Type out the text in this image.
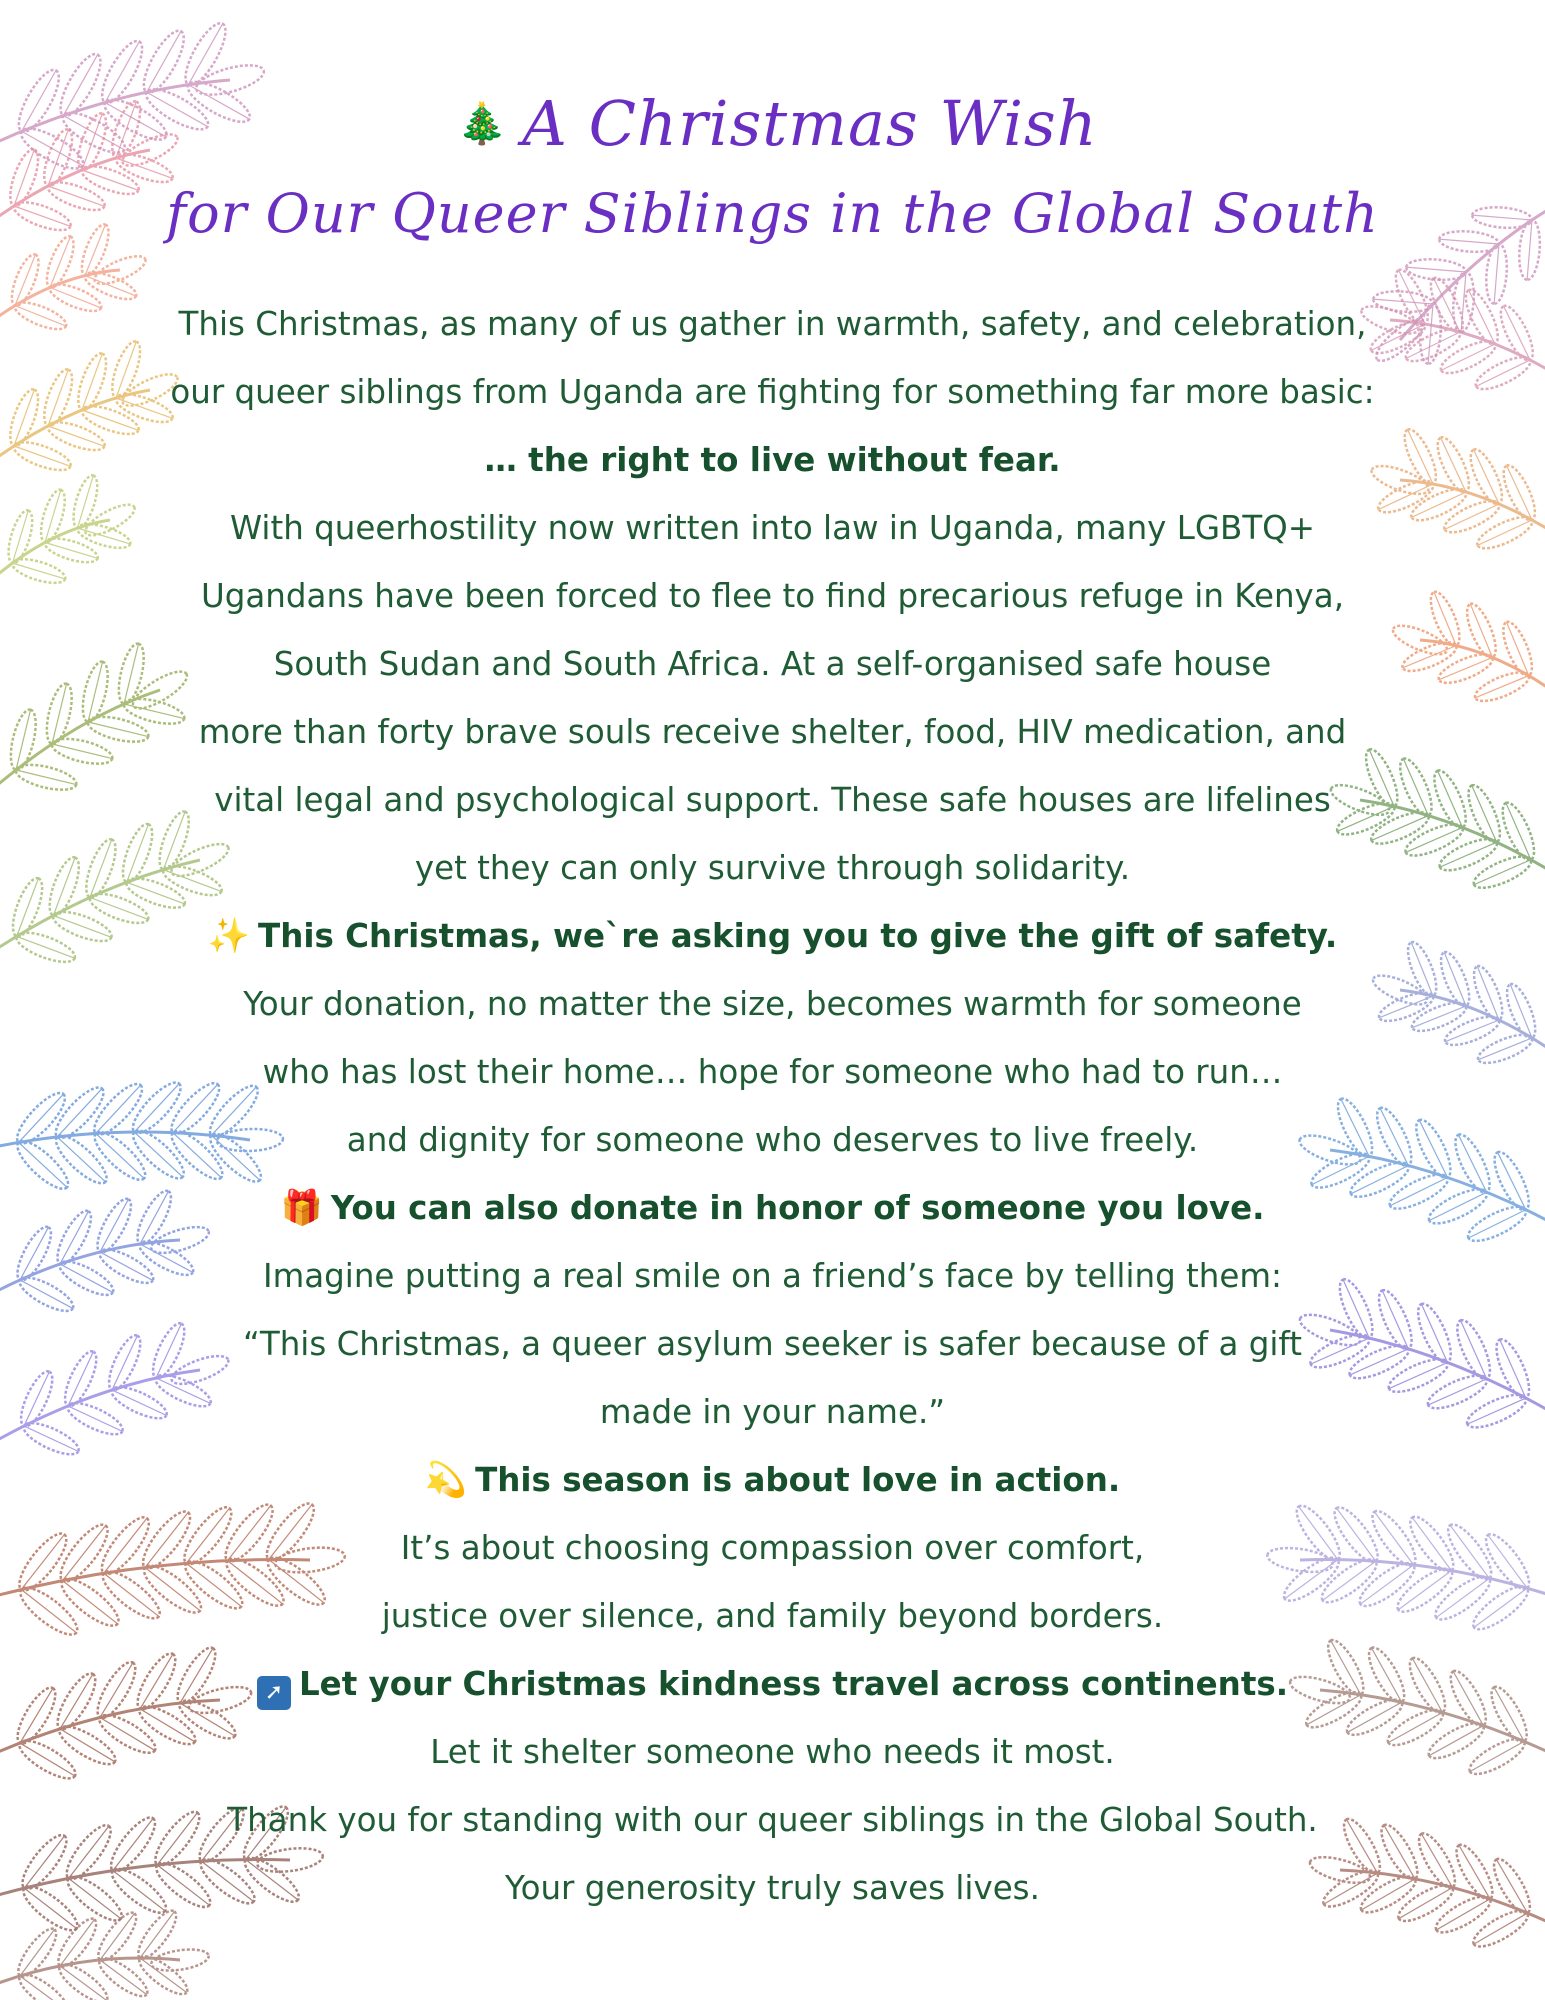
🎄 A Christmas Wish
for Our Queer Siblings in the Global South
This Christmas, as many of us gather in warmth, safety, and celebration,
our queer siblings from Uganda are fighting for something far more basic:
… the right to live without fear.
With queerhostility now written into law in Uganda, many LGBTQ+
Ugandans have been forced to flee to find precarious refuge in Kenya,
South Sudan and South Africa. At a self-organised safe house
more than forty brave souls receive shelter, food, HIV medication, and
vital legal and psychological support. These safe houses are lifelines
yet they can only survive through solidarity.
✨ This Christmas, we`re asking you to give the gift of safety.
Your donation, no matter the size, becomes warmth for someone
who has lost their home… hope for someone who had to run…
and dignity for someone who deserves to live freely.
🎁 You can also donate in honor of someone you love.
Imagine putting a real smile on a friend’s face by telling them:
“This Christmas, a queer asylum seeker is safer because of a gift
made in your name.”
💫 This season is about love in action.
It’s about choosing compassion over comfort,
justice over silence, and family beyond borders.
➚ Let your Christmas kindness travel across continents.
Let it shelter someone who needs it most.
Thank you for standing with our queer siblings in the Global South.
Your generosity truly saves lives.
